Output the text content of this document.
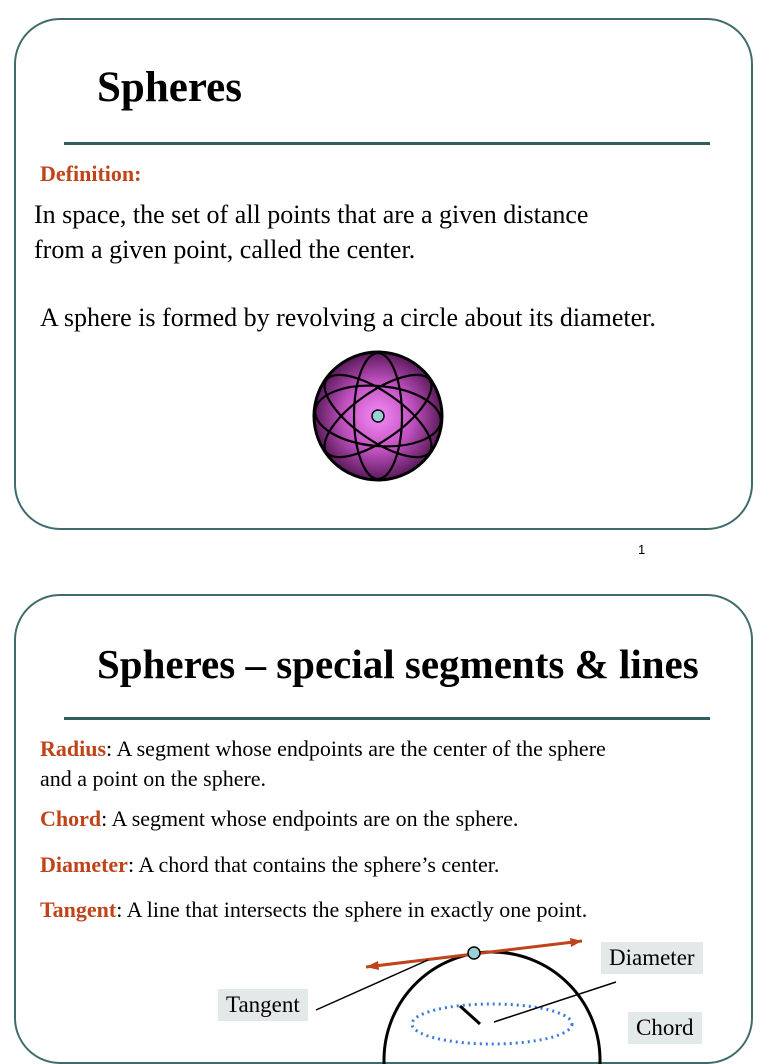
Spheres
Definition:
In space, the set of all points that are a given distance
from a given point, called the center.
A sphere is formed by revolving a circle about its diameter.
1
Spheres – special segments & lines
Radius: A segment whose endpoints are the center of the sphere
and a point on the sphere.
Chord: A segment whose endpoints are on the sphere.
Diameter: A chord that contains the sphere’s center.
Tangent: A line that intersects the sphere in exactly one point.
Diameter
Tangent
Chord
